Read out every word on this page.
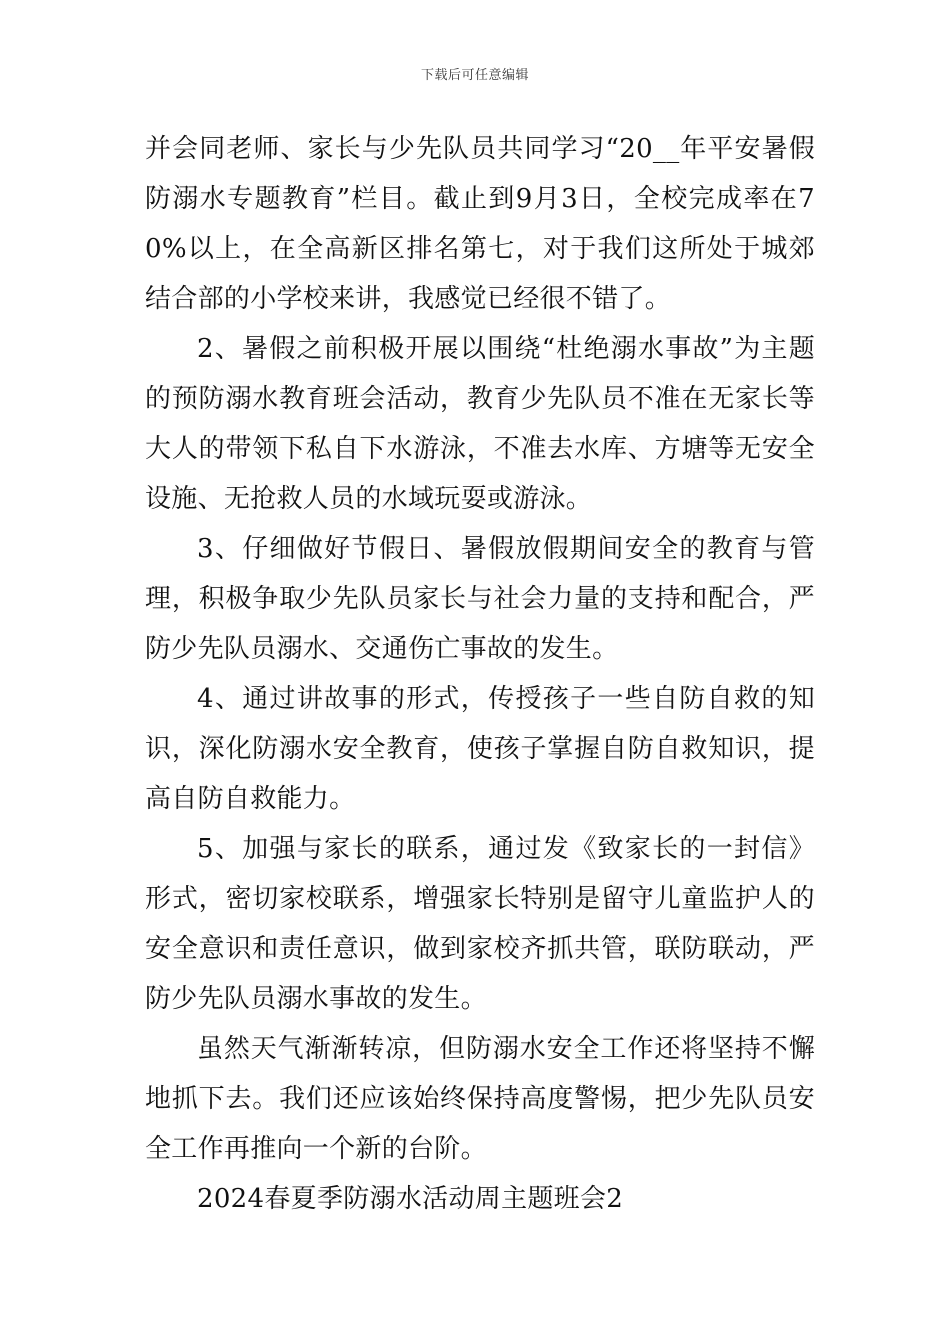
下载后可任意编辑

并会同老师、家长与少先队员共同学习“20__年平安暑假防溺水专题教育”栏目。截止到9月3日，全校完成率在70%以上，在全高新区排名第七，对于我们这所处于城郊结合部的小学校来讲，我感觉已经很不错了。

2、暑假之前积极开展以围绕“杜绝溺水事故”为主题的预防溺水教育班会活动，教育少先队员不准在无家长等大人的带领下私自下水游泳，不准去水库、方塘等无安全设施、无抢救人员的水域玩耍或游泳。

3、仔细做好节假日、暑假放假期间安全的教育与管理，积极争取少先队员家长与社会力量的支持和配合，严防少先队员溺水、交通伤亡事故的发生。

4、通过讲故事的形式，传授孩子一些自防自救的知识，深化防溺水安全教育，使孩子掌握自防自救知识，提高自防自救能力。

5、加强与家长的联系，通过发《致家长的一封信》形式，密切家校联系，增强家长特别是留守儿童监护人的安全意识和责任意识，做到家校齐抓共管，联防联动，严防少先队员溺水事故的发生。

虽然天气渐渐转凉，但防溺水安全工作还将坚持不懈地抓下去。我们还应该始终保持高度警惕，把少先队员安全工作再推向一个新的台阶。

2024春夏季防溺水活动周主题班会2
